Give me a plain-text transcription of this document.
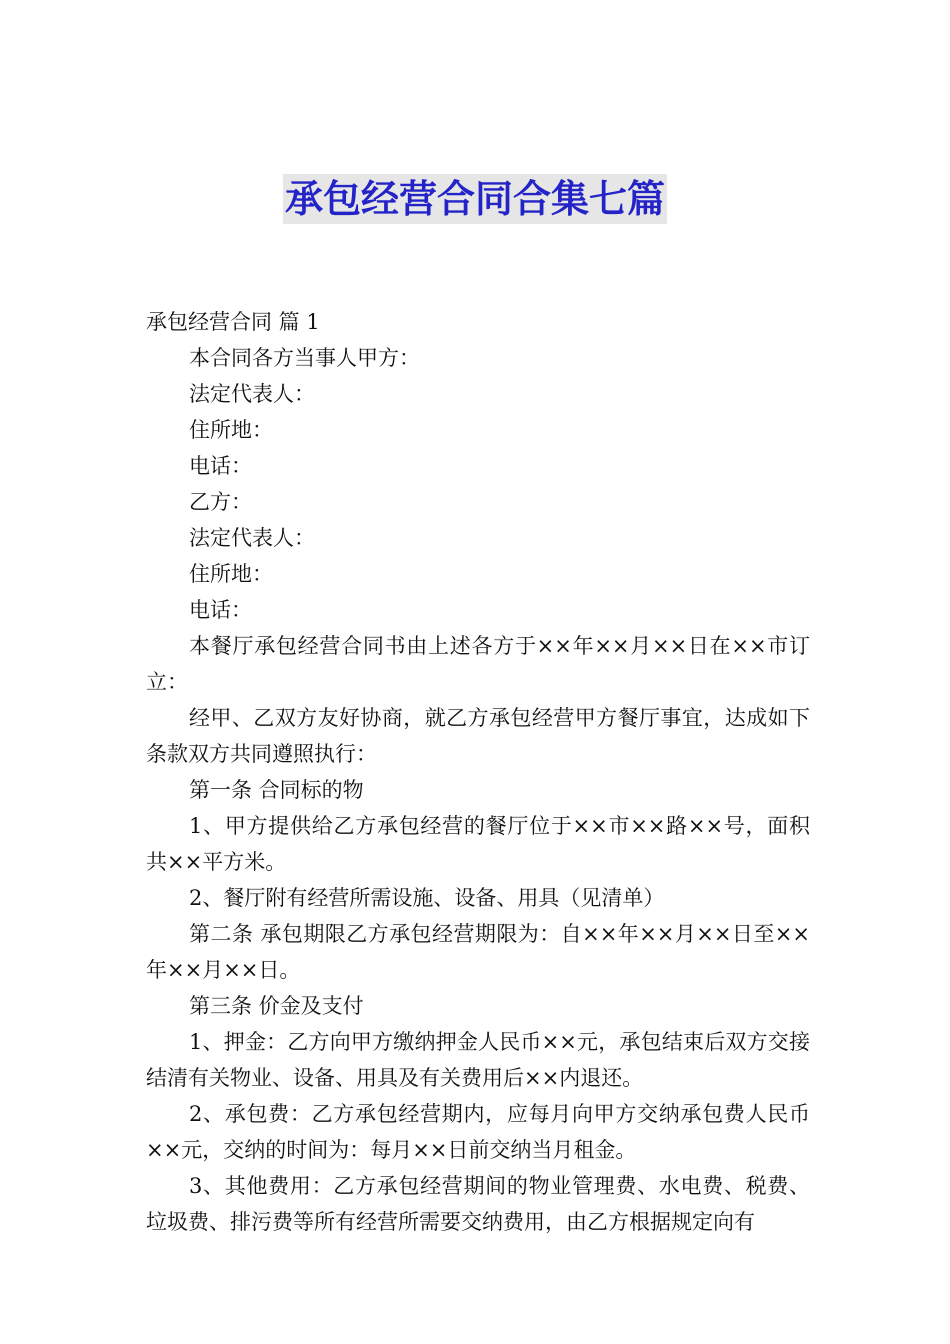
承包经营合同合集七篇

承包经营合同 篇 1

本合同各方当事人甲方：

法定代表人：

住所地：

电话：

乙方：

法定代表人：

住所地：

电话：

本餐厅承包经营合同书由上述各方于××年××月××日在××市订立：

经甲、乙双方友好协商，就乙方承包经营甲方餐厅事宜，达成如下条款双方共同遵照执行：

第一条 合同标的物

1、甲方提供给乙方承包经营的餐厅位于××市××路××号，面积共××平方米。

2、餐厅附有经营所需设施、设备、用具（见清单）

第二条 承包期限乙方承包经营期限为：自××年××月××日至××年××月××日。

第三条 价金及支付

1、押金：乙方向甲方缴纳押金人民币××元，承包结束后双方交接结清有关物业、设备、用具及有关费用后××内退还。

2、承包费：乙方承包经营期内，应每月向甲方交纳承包费人民币××元，交纳的时间为：每月××日前交纳当月租金。

3、其他费用：乙方承包经营期间的物业管理费、水电费、税费、垃圾费、排污费等所有经营所需要交纳费用，由乙方根据规定向有
